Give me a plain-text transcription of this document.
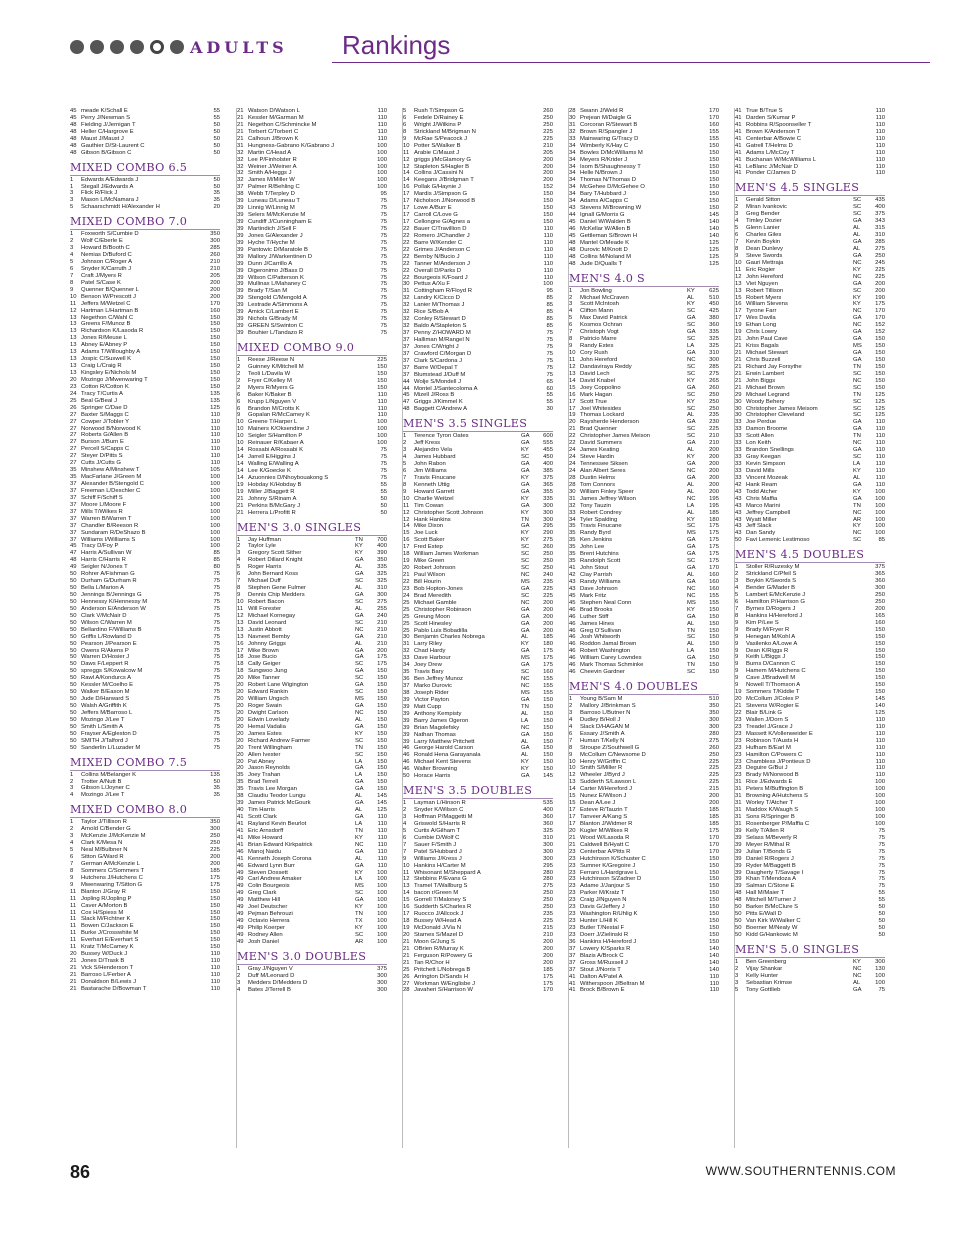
ADULTS Rankings
45 meade K/Schall E	55
45 Perry J/Newman S	55
48 Fielding J/Jernigan T	50
48 Heller C/Hargrove E	50
48 Maust J/Maust J	50
48 Gauthier D/St-Laurent C	50
48 Gibson B/Gibson C	50
MIXED COMBO 6.5
1	Edwards A/Edwards J	50
1	Stegall J/Edwards A	50
3	Flick R/Flick J	35
3	Mason L/McNamara J	35
5	Schaarschmidt H/Alexander H	20
MIXED COMBO 7.0
1	Foxworth S/Cumbie D	350
2	Wolf C/Eberle E	300
3	Howard B/Booth C	285
4	Nemias D/Buford C	260
5	Johnson C/Roger A	210
6	Snyder K/Carruth J	210
7	Craft J/Myers R	205
8	Patel S/Case K	200
9	Quenner B/Quenner L	200
10 Benson W/Prescott J	200
11 Jeffers M/Wetzel C	170
12 Hartman L/Hartman B	160
13 Negethon C/Wahl C	150
13 Greens F/Munoz B	150
13 Richardson K/Lasoda R	150
13 Jones R/Meuse L	150
13 Abney E/Abney P	150
13 Adams T/Willoughby A	150
13 Jospic C/Suswell K	150
13 Craig L/Craig R	150
13 Kingsley E/Nichols M	150
20 Mozingo J/Mwenwaring T	150
23 Cotton R/Cotton K	150
24 Tracy T/Curtis A	135
25 Beal G/Beal J	135
26 Springer C/Dae D	125
27 Baxter S/Maggs C	110
27 Cowper J/Tobler Y	110
27 Norwood B/Norwood K	110
27 Roberts G/Allen B	110
27 Burson J/Burn E	110
27 Percell S/Capps C	110
27 Steyer D/Pitts S	110
27 Cutts J/Cutts G	110
35 Minshew A/Minshew T	105
35 MacFarlane J/Green M	100
37 Alexander B/Stengold C	100
37 Freeman L/Deschler C	100
37 Schiff F/Schiff S	100
37 Moore L/Moore F	100
37 Mills T/Wilkes R	100
37 Warren B/Warren T	100
37 Chandler B/Reeson R	100
37 Sundaram R/DeShazo B	100
37 Williams I/Williams S	100
45 Tracy D/Foy P	100
47 Harris A/Sullivan W	85
48 Harris C/Harris R	85
49 Seigler N/Jones T	80
50 Rohrer A/Fishman G	75
50 Durham G/Durham R	75
50 Bella L/Marion A	75
50 Jennings B/Jennings G	75
50 Hennessy K/Hennessy M	75
50 Anderson E/Anderson W	75
50 Clark V/McNair D	75
50 Wilson C/Warren M	75
50 Bellardino F/Williams B	75
50 Griffis L/Rowland D	75
50 Pearson J/Pearson E	75
50 Owens R/Akens P	75
50 Warren D/Hosier J	75
50 Daws F/Leppert R	75
50 spreggs S/Kowalcow M	75
50 Rawl A/Kondurcs A	75
50 Kessler M/Coelho E	75
50 Walker B/Eason M	75
50 Jude D/Harward S	75
50 Walsh A/Griffith K	75
50 Jeffers M/Barroso L	75
50 Mozingo J/Lee T	75
50 Smith L/Smith A	75
50 Frayser A/Egleston D	75
50 SMITH J/Talford J	75
50 Sanderlin L/Luzader M	75
MIXED COMBO 7.5
1	Collins M/Belanger K	135
2	Trotter A/Nutt B	50
3	Gibson L/Joyner C	35
4	Mozingo J/Lee T	35
MIXED COMBO 8.0
1	Taylor J/Tillison R	350
2	Arnold C/Bender G	300
3	McKenzie J/McKenzie M	250
4	Clark K/Mesa N	250
5	Neal M/Bulbner N	225
6	Sitton G/Ward R	200
7	German A/McKenzie L	200
8	Sommers C/Sommers T	185
9	Hutchens J/Hutchens C	175
9	Mwenwaring T/Sitton G	175
11 Blanton J/Gray R	150
11 Jopling R/Jopling P	150
11 Caver A/Morton B	150
11 Cox H/Spiess M	150
11 Slack M/Fichtner K	150
11 Bowen C/Jackson E	150
11 Burke J/Crosswhite M	150
11 Everhart E/Everhart S	150
11 Kratz T/McCamey K	150
20 Bussey W/Duck J	110
21 Jones D/Trask B	110
21 Vick S/Henderson T	110
21 Barroso L/Ferber A	110
21 Donaldson B/Lewis J	110
21 Bastarache D/Bowman T	110
21 Watson D/Watson L	110
21 Kessler M/Garman M	110
21 Negethon C/Schmincke M	110
21 Torbert C/Torbert C	110
21 Calhoun J/Brown K	110
31 Hungness-Gabrano K/Gabrano J	100
32 Martin C/Head A	100
32 Lee P/Finholster R	100
32 Weiner J/Weiner A	100
32 Smith A/Heggs J	100
32 James M/Miller W	100
37 Palmer R/Behling C	100
38 Webb T/Terpley D	95
39 Luneau D/Luneau T	75
39 Linnig W/Linnig M	75
39 Selers M/McKenzie M	75
39 Cundiff J/Cunningham E	75
39 Martindich J/Sell F	75
39 Jones G/Alexander J	75
39 Hyche T/Hyche M	75
39 Pantowic D/Maratole B	75
39 Mallory J/Warkentinen D	75
39 Dunn J/Carrillo A	75
39 Digeronimo J/Bass D	75
39 Wilson C/Patterson K	75
39 Mullinax L/Mahaney C	75
39 Brady T/San M	75
39 Stengold C/Mengold A	75
39 Lestrade A/Simmons A	75
39 Amick C/Lambert E	75
39 Nichols G/Brady M	75
39 GREEN S/Swinton C	75
39 Bouhier L/Tandazo R	75
MIXED COMBO 9.0
1	Reese J/Reese N	225
2	Guinney K/Mitchell M	150
2	Teoli L/Davila W	150
2	Fryer C/Kelley M	150
2	Myers R/Myers G	150
6	Baker K/Baker B	110
6	Krupp L/Nguyen V	110
6	Brandon M/Crotts K	110
9	Gopalan R/McCamey K	110
10 Greene T/Harper L	100
10 Mainers K/Oksendine J	100
10 Seigler S/Hamilton P	100
10 Reinauer R/Kabaer A	100
14 Rossabi A/Rossabi K	75
14 Jarrell E/Higgins J	75
14 Walling E/Walling A	75
14 Lee K/Goecke K	75
14 Azuonnies D/Nhoybouakong S	75
19 Hobday K/Hobday B	55
19 Miller J/Baggett R	55
21 Johnny S/Rinam A	50
21 Perkins B/McGary J	50
21 Herrera L/Profitt R	50
MEN'S 3.0 SINGLES
1	Jay Huffman	TN	700
2	Taylor Lyle	KY	400
3	Gregory Scott Sither	KY	390
4	Robert Dillard Knight	GA	350
5	Roger Harris	AL	335
6	John Bernard Koss	GA	325
7	Michael Duff	SC	325
8	Stephen Gene Fulmer	AL	310
9	Dennis Chip Medders	GA	300
10 Robert Bacon	SC	275
11 Will Forester	AL	255
12 Michael Kornegay	GA	240
13 David Leonard	SC	210
13 Justin Abbott	NC	210
13 Navneet Bemby	GA	210
16 Johnny Griggs	AL	210
17 Mike Brown	GA	200
18 Jose Bucio	GA	175
18 Cally Geiger	SC	175
18 Sungwoo Jung	GA	150
20 Mike Tanner	SC	150
20 Robert Lane Wigington	GA	150
20 Edward Rankin	SC	150
20 William Ungsch	MS	150
20 Roger Swain	GA	150
20 Dwight Carlson	NC	150
20 Edwin Lovelady	AL	150
20 Hemal Vadalia	GA	150
20 James Estes	KY	150
20 Richard Andrew Farmer	SC	150
20 Trent Willingham	TN	150
20 Allen Ivester	SC	150
20 Pat Abney	LA	150
20 Jason Reynolds	GA	150
35 Joey Trahan	LA	150
35 Brad Terrell	GA	150
35 Travis Lee Morgan	GA	150
38 Claudiu Teodor Lungu	AL	145
39 James Patrick McGourk	GA	145
40 Tim Harris	AL	125
41 Scott Clark	GA	110
41 Rayland Kevin Beurlot	LA	110
41 Eric Arnsdorff	TN	110
41 Mike Howard	KY	110
41 Brian Edward Kirkpatrick	NC	110
46 Manoj Naidu	GA	110
41 Kenneth Joseph Corona	AL	110
46 Edward Lynn Burr	GA	110
49 Steven Dossett	KY	100
49 Carl Andrew Amaker	LA	100
49 Colin Bourgeois	MS	100
49 Greg Clark	SC	100
49 Matthew Hill	GA	100
49 Joel Deutscher	KY	100
49 Pejman Behrouzi	TN	100
49 Octavio Herrera	TX	100
49 Philip Koerper	KY	100
49 Rodney Allen	SC	100
49 Josh Daniel	AR	100
MEN'S 3.0 DOUBLES
1	Gray J/Nguyen V	375
2	Duff M/Leonard D	300
3	Medders D/Medders D	300
4	Bates J/Terrell B	300
5	Rush T/Simpson G	260
6	Fedele D/Rainey E	250
6	Wright J/Wilkins P	250
8	Strickland M/Brigman N	225
9	McRae S/Peacock J	225
10 Potter S/Walker B	210
11 Arabie C/Maust J	205
12 griggs j/McGlamory G	200
12 Stapleton S/Hagler B	200
14 Collins J/Cassini N	200
14 Keegans J/Bridgman T	200
16 Pollak G/Haynie J	152
17 Mardis J/Simpson G	150
17 Nicholson J/Norwood B	150
17 Lowe A/Burr E	150
17 Carroll C/Love G	150
17 Cellongne G/Agnes a	150
22 Bauer C/Travillion D	110
22 Romero J/Chandler J	110
22 Barre W/Kender C	110
22 Grimes J/Anderson C	110
22 Bernby N/Bucio J	110
22 Tanner M/Anderson J	110
22 Overall D/Parks D	110
22 Bourgeois K/Foard J	110
30 Pettus A/Xu F	100
31 Cottingham R/Floyd R	95
32 Landry K/Cicco D	85
32 Lanier M/Thomas J	85
32 Rice S/Bob A	85
32 Conley R/Stewart D	85
32 Baldo A/Stapleton S	85
37 Penny Z/HOWARD M	75
37 Halliman M/Rangel N	75
37 Jones C/Wright J	75
37 Crawford C/Morgan D	75
37 Clark S/Cardona J	75
37 Barre W/Depal T	75
37 Blumstead J/Duff M	75
44 Wolje S/Mondell J	65
44 Montel J/Santecoloma A	60
45 Mizell J/Ross B	55
47 Griggs J/Kimmel K	55
48 Baggett C/Andrew A	30
MEN'S 3.5 SINGLES
1	Terence Tyron Oates	GA	600
2	Jeff Kress	GA	555
3	Alejandro Vela	KY	455
4	James Hubbard	SC	450
5	John Rabon	GA	400
6	Jim Williams	GA	385
7	Travis Finucane	KY	375
8	Kenneth Uttig	GA	365
9	Howard Garrett	GA	355
10 Charlie Weitzel	KY	335
11 Tim Cowan	GA	300
12 Christopher Scott Johnson	KY	300
12 Hank Hankins	TN	300
14 Mike Dixon	GA	295
15 Joe Luck	KY	290
16 Scott Baker	KY	275
17 Fred Estep	SC	260
18 William James Workman	SC	250
19 Mike Green	SC	250
20 Robert Johnson	SC	250
21 Paul Wilson	NC	240
22 Bill Hourin	MS	235
23 Bob Hopton-Jones	GA	225
24 Brad Meredith	SC	225
25 Michael Gamble	NC	200
25 Christopher Robinson	GA	200
25 Greung Moon	GA	200
25 Scott Hinesley	GA	200
25 Pablo Luis Bobadilla	GA	200
30 Benjamin Charles Nobrega	AL	185
31 Larry Riley	KY	180
32 Chad Hardy	GA	175
33 Dave Harbour	MS	175
34 Joey Drew	GA	175
35 Travis Bary	SC	160
36 Ben Jeffrey Munoz	NC	155
37 Marko Durovic	NC	155
38 Joseph Rider	MS	155
39 Victor Payton	GA	150
39 Matt Cupp	TN	150
39 Anthony Kempisty	AL	150
39 Barry James Ogeron	LA	150
39 Brian Magolefsky	NC	150
39 Nathan Thomas	GA	150
39 Larry Matthew Pritchett	AL	150
46 George Harold Carson	GA	150
46 Ronald Hena Garayanala	AL	150
46 Michael Kent Stevens	KY	150
46 Walter Browning	KY	150
50 Horace Harris	GA	145
MEN'S 3.5 DOUBLES
1	Layman L/Hinson R	535
2	Snyder K/Wilson C	400
3	Hoffman P/Maggetti M	360
4	Griswold S/Harris R	360
5	Curtis A/Gilham T	325
6	Cumbie D/Wolf C	310
7	Sauer F/Smith J	300
7	Patel S/Hubbard J	300
9	Williams J/Kress J	300
10 Hankins H/Carter M	295
11 Whisonant M/Sheppard A	280
12 Stebbins P/Evans G	280
13 Tramel T/Wallburg S	275
14 bacon r/Green M	250
15 Gorrell T/Maloney S	250
16 Sudderth S/Charles R	250
17 Ruocco J/Allcock J	235
18 Bussey W/Head A	225
19 McDonald J/Via N	215
20 Starnes S/Mazel D	210
21 Moon G/Jung S	200
21 OBrien R/Murray K	200
21 Ferguson R/Powery G	200
21 Tan R/Chor H	200
25 Pritchett L/Nobrega B	185
26 Arrington D/Sands H	175
27 Workman W/Englisbe J	175
28 Javaheri S/Harrison W	170
28 Swann J/Weld R	170
30 Prejean M/Daigle G	170
31 Corcoran R/Stewart B	160
32 Brown R/Spangler J	155
33 Mainwaring G/Tracy D	155
34 Wimberly K/Hay C	150
34 Bowles D/McWilliams M	150
34 Meyers R/Krider J	150
34 Isom B/Shaughnessy T	150
34 Helle N/Brown J	150
34 Thomas N/Thomas D	150
34 McGehee D/McGehee O	150
34 Bary T/Hubbard J	150
34 Adams A/Capps C	150
43 Stevens M/Browning W	150
44 Ignall G/Morris G	145
45 Daniel W/Walden B	140
46 McKellar W/Allen B	140
45 Gettleman S/Brown H	140
48 Mantel O/Meade K	125
48 Durovic M/Knott D	125
48 Collins M/Noland M	125
48 Jude D/Qualls T	125
MEN'S 4.0 S
1	Jon Bowling	KY	625
2	Michael McCraven	AL	510
3	Scott McIntosh	KY	450
4	Clifton Mann	SC	425
5	Max David Patrick	GA	380
6	Kosmos Ochran	SC	360
7	Christoph Vogt	GA	335
8	Patricio Marre	SC	325
9	Randy Estes	LA	325
10 Cory Rush	GA	310
11 John Hereford	NC	300
12 Dandaviraya Reddy	SC	285
13 David Lech	SC	275
14 David Knabel	KY	265
15 Joey Coppolino	GA	260
16 Mark Hagan	SC	250
17 Scott True	KY	250
17 Joel Whitesides	SC	250
19 Thomas Lockard	AL	235
20 Raysherde Henderson	GA	230
21 Brad Quenner	SC	225
22 Christopher James Meison	SC	210
22 David Summers	GA	210
24 James Keating	AL	200
24 Steve Hardin	KY	200
24 Tennessee Siksen	GA	200
24 Alan Albert Seres	NC	200
28 Dustin Helms	GA	200
28 Tom Connors	AL	200
30 William Finley Speer	AL	200
31 James Jeffrey Wilson	NC	195
32 Tony Tauzin	LA	195
33 Robert Condrey	AL	185
34 Tyler Spalding	KY	180
35 Travis Finucane	SC	175
35 Randy Byrd	MS	175
35 Ken Jenkins	GA	175
35 John Lee	GA	175
35 Brent Hutchins	GA	175
35 Randolph Scott	SC	175
41 John Stout	GA	170
42 Clay Parrish	AL	160
43 Randy Williams	GA	160
43 Dave Johnson	NC	160
45 Mark Fritz	NC	155
45 Stephen Neal Conn	MS	155
46 Brad Brooks	KY	150
46 Luther Stiff	GA	150
46 James Hines	AL	150
46 Greg O'Sullivan	TN	150
46 Josh Whitworth	SC	150
46 Roddon Jamal Brown	AL	150
46 Robert Washington	LA	150
46 William Carey Lowndes	GA	150
46 Mark Thomas Schminke	TN	150
46 Cheevin Gardner	SC	150
MEN'S 4.0 DOUBLES
1	Young B/Sam M	510
2	Mallory J/Brinkman S	350
3	Barroso L/Butner N	350
4	Dudley B/Holl J	300
4	Slack D/HAGAN M	300
6	Essary J/Smith A	280
7	Human T/Kelly N	275
8	Stroupe Z/Southwell G	260
9	McCollum C/Newsome D	250
10 Henry W/Griffin C	225
10 Smith S/Miller R	225
12 Wheeler J/Byrd J	225
13 Sudderth S/Lawson L	225
14 Carter M/Hereford J	215
15 Nunez E/Wilson J	200
15 Dean A/Lee J	200
17 Esteve R/Tauzin T	185
17 Tanveer A/Kang S	185
17 Blanton J/Widmer R	185
20 Kugler M/Wilkes R	175
21 Wood W/Lasoda R	170
21 Caldwell B/Hyatt C	170
23 Centerbar A/Pitts R	170
23 Hutchinson K/Schuster C	150
23 Sumner K/Gregoire J	150
23 Ferraro L/Hardgrave L	150
23 Hutchinson S/Zadner D	150
23 Adame J/Janjour S	150
23 Parker M/Kratz T	150
23 Craig J/Nguyen N	150
23 Davis G/Jeffery J	150
23 Washington R/Uhlig K	150
23 Hunter L/Hill K	150
23 Butler T/Nestal F	150
23 Doerr J/Zielinski R	150
36 Hankins H/Hereford J	150
37 Lowery K/Sparks R	140
37 Blazis A/Brock C	140
37 Gross M/Russell J	140
37 Stout J/Norris T	140
41 Dalton A/Patel A	110
41 Witherspoon J/Beltran M	110
41 Brock B/Brown E	110
41 True B/True S	110
41 Darden S/Kumar P	110
41 Robbins R/Spoonseller T	110
41 Brown K/Anderson T	110
41 Centerbar A/Bowie C	110
41 Gatrell T/Helms D	110
41 Adams L/McCoy T	110
41 Buchanan W/McWilliams L	110
41 LeBlanc J/McNair D	110
41 Ponder C/James D	110
MEN'S 4.5 SINGLES
1	Gerald Sitton	SC	435
2	Miran Ivankovic	SC	400
3	Greg Bender	SC	375
4	Timley Dozier	GA	343
5	Glenn Lanier	AL	315
6	Charles Giles	AL	310
7	Kevin Boykin	GA	285
8	Dean Dunlevy	AL	275
9	Steve Swords	GA	250
10 Gauri Mettraja	NC	245
11 Eric Rogier	KY	225
12 John Hereford	NC	225
13 Viet Nguyen	GA	200
13 Robert Tillison	SC	200
15 Robert Myers	KY	190
16 William Stevens	KY	175
17 Tyrone Farr	NC	170
17 Wes Davila	GA	170
19 Ethan Long	NC	152
19 Chris Lowry	GA	152
21 John Paul Cave	GA	150
21 Kriss Bagals	MS	150
21 Michael Stewart	GA	150
21 Chris Buzzell	GA	150
21 Richard Jay Forsythe	TN	150
21 Erwin Lambert	SC	150
21 John Biggs	NC	150
21 Michael Brown	SC	150
29 Michael Legrand	TN	125
30 Woody Behery	SC	125
30 Christopher James Meisom	SC	125
30 Christopher Cleveland	SC	125
33 Joe Perdue	GA	110
33 Damon Broome	GA	110
33 Scott Allen	TN	110
33 Lon Keith	NC	110
33 Brandon Snellings	GA	110
33 Gray Keegan	SC	110
33 Kevin Simpson	LA	110
33 David Mills	KY	110
33 Vincent Mozeak	AL	110
42 Hank Ream	GA	110
43 Todd Atcher	KY	100
43 Chris Maffia	GA	100
43 Marco Marini	TN	100
43 Jeffrey Campbell	NC	100
43 Wyatt Miller	AR	100
43 Jeff Slack	KY	100
43 Dan Sandy	NC	100
50 Favi Lemenic Lestimoso	SC	85
MEN'S 4.5 DOUBLES
1	Stoller R/Ruzesky M	375
2	Strickland C/Pfeil S	365
3	Boykin K/Swords S	360
4	Bender G/Mader B	300
5	Lambert E/McKenzie J	250
6	Hamilton P/Harrison G	250
7	Byrnes D/Rogers J	200
8	Hankins H/Hereford J	165
9	Kim P/Lee S	160
9	Brady M/Fryer R	150
9	Henegan M/Kohl A	150
9	Vasilenko A/Lowe A	150
9	Dean K/Riggs R	150
9	Keith L/Biggs J	150
9	Burns D/Cannon C	150
9	Hamem M/Hutchens C	150
9	Cave J/Bradwell M	150
9	Nowell T/Thomson A	150
19 Sommers T/Kiddie T	150
20 McCollum J/Coles P	145
21 Stevens W/Rogier E	140
22 Blair B/Link G	125
23 Wallen J/Dorn S	110
23 Treadel J/Grace J	110
23 Massett K/Vollenweider E	110
23 Robinson T/Austs H	110
23 Hufham B/Earl M	110
23 Hamilton C/Powers C	110
23 Chambless J/Pontieux D	110
23 Deguire G/Bui J	110
23 Brady M/Norwood B	110
31 Rice J/Edwards E	100
31 Peters M/Buffington B	100
31 Browning A/Hutchens S	100
31 Worley T/Atcher T	100
31 Maddox K/Waugh S	100
31 Sons R/Springer B	100
31 Rosenberger P/Maffia C	100
39 Kelly T/Allen R	75
39 Selass M/Beverly R	75
39 Meyer R/Mihal R	75
39 Julian T/Bonds G	75
39 Daniel R/Rogers J	75
39 Ryder M/Baggett B	75
39 Daugherty T/Savage I	75
39 Khan T/Mendoza A	75
39 Salman C/Stone E	75
48 Hall M/Maier T	55
48 Mitchell M/Turner J	55
50 Barker B/McClure S	50
50 Pitts E/Wall D	50
50 Van Kirk W/Walker C	50
50 Boerner M/Nealy W	50
50 Kidd G/Hankowic M	50
MEN'S 5.0 SINGLES
1	Ben Greenberg	KY	300
2	Vijay Shankar	NC	130
3	Kelly Hunter	NC	100
3	Sebastian Krimse	AL	100
5	Tony Gottlieb	GA	75
86	WWW.SOUTHERNTENNIS.COM
